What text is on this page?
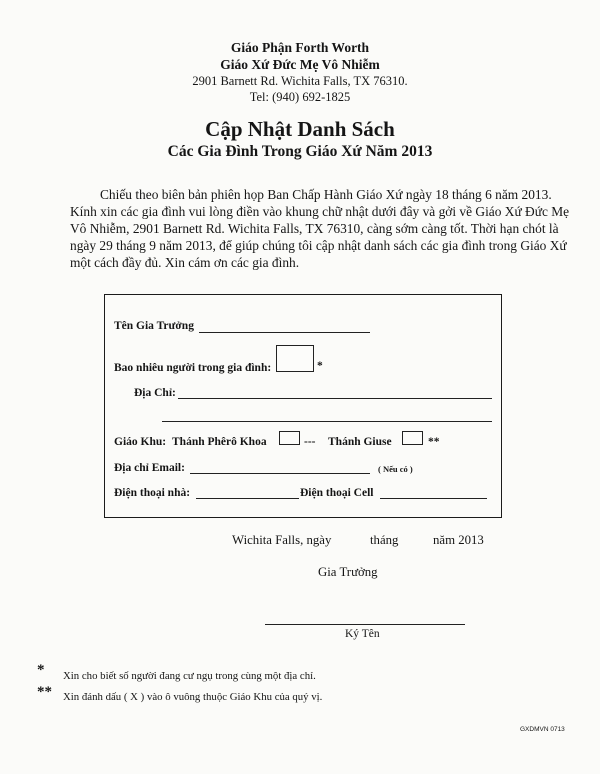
Giáo Phận Forth Worth
Giáo Xứ Đức Mẹ Vô Nhiễm
2901 Barnett Rd. Wichita Falls, TX 76310.
Tel: (940) 692-1825
Cập Nhật Danh Sách
Các Gia Đình Trong Giáo Xứ Năm 2013

Chiếu theo biên bản phiên họp Ban Chấp Hành Giáo Xứ ngày 18 tháng 6 năm 2013.

Kính xin các gia đình vui lòng điền vào khung chữ nhật dưới đây và gởi về Giáo Xứ Đức Mẹ

Vô Nhiễm, 2901 Barnett Rd. Wichita Falls, TX 76310, càng sớm càng tốt. Thời hạn chót là

ngày 29 tháng 9 năm 2013, để giúp chúng tôi cập nhật danh sách các gia đình trong Giáo Xứ

một cách đầy đủ. Xin cám ơn các gia đình.

Tên Gia Trưởng
Bao nhiêu người trong gia đình:	*
Địa Chỉ:
Giáo Khu: Thánh Phêrô Khoa	--- Thánh Giuse	**
Địa chỉ Email:	( Nếu có )
Điện thoại nhà:	Điện thoại Cell
Wichita Falls, ngày	tháng	năm 2013
Gia Trưởng
Ký Tên
* Xin cho biết số người đang cư ngụ trong cùng một địa chỉ.
** Xin đánh dấu ( X ) vào ô vuông thuộc Giáo Khu của quý vị.
GXDMVN 0713
